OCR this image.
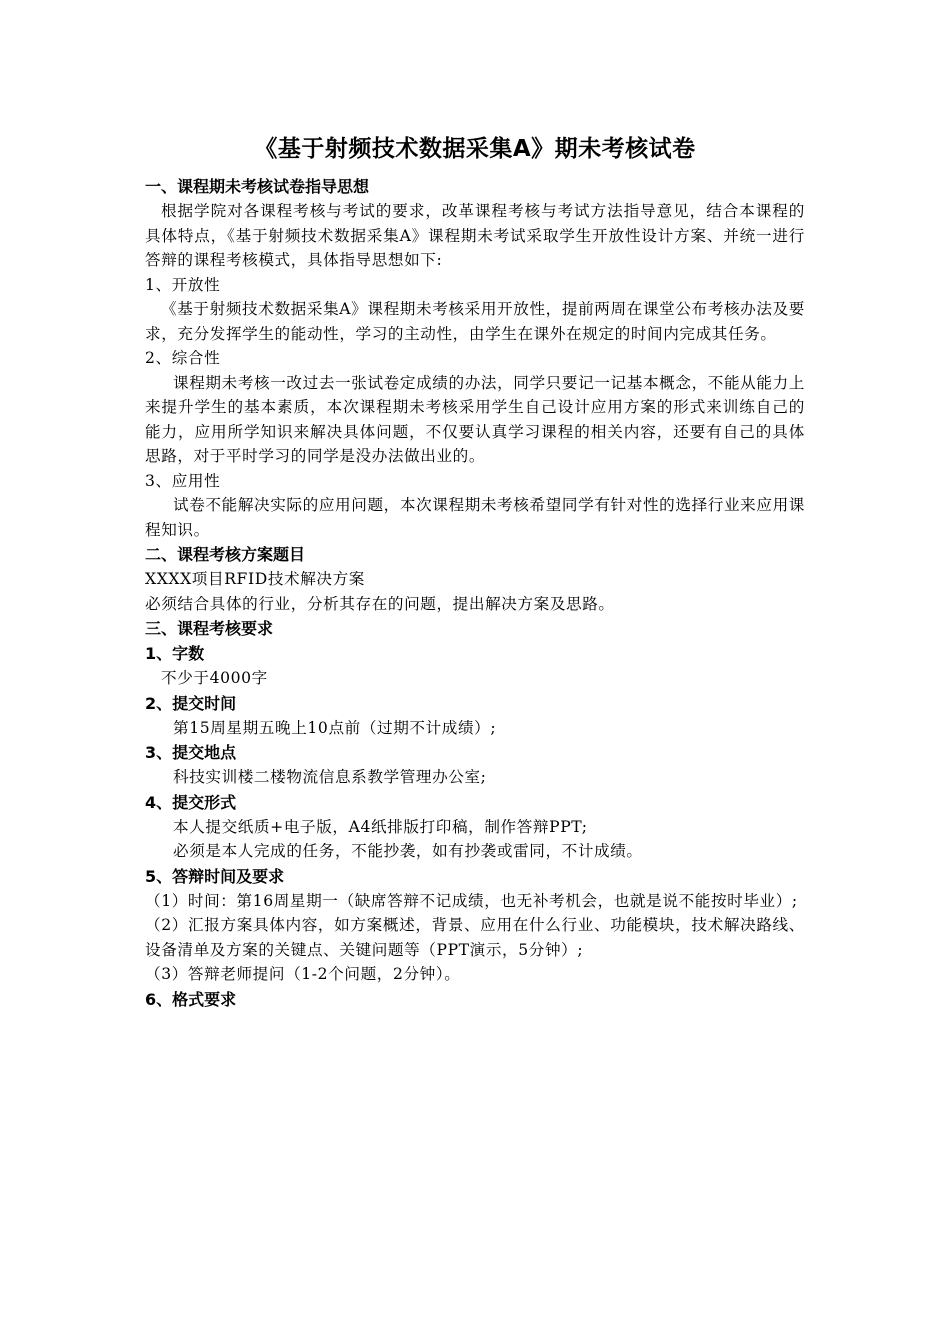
《基于射频技术数据采集A》期未考核试卷
一、课程期未考核试卷指导思想
根据学院对各课程考核与考试的要求，改革课程考核与考试方法指导意见，结合本课程的具体特点，《基于射频技术数据采集A》课程期未考试采取学生开放性设计方案、并统一进行答辩的课程考核模式，具体指导思想如下:
1、开放性
《基于射频技术数据采集A》课程期未考核采用开放性，提前两周在课堂公布考核办法及要求，充分发挥学生的能动性，学习的主动性，由学生在课外在规定的时间内完成其任务。
2、综合性
课程期未考核一改过去一张试卷定成绩的办法，同学只要记一记基本概念，不能从能力上来提升学生的基本素质，本次课程期未考核采用学生自己设计应用方案的形式来训练自己的能力，应用所学知识来解决具体问题，不仅要认真学习课程的相关内容，还要有自己的具体思路，对于平时学习的同学是没办法做出业的。
3、应用性
试卷不能解决实际的应用问题，本次课程期未考核希望同学有针对性的选择行业来应用课程知识。
二、课程考核方案题目
XXXX项目RFID技术解决方案
必须结合具体的行业，分析其存在的问题，提出解决方案及思路。
三、课程考核要求
1、字数
不少于4000字
2、提交时间
第15周星期五晚上10点前（过期不计成绩）;
3、提交地点
科技实训楼二楼物流信息系教学管理办公室;
4、提交形式
本人提交纸质+电子版，A4纸排版打印稿，制作答辩PPT;
必须是本人完成的任务，不能抄袭，如有抄袭或雷同，不计成绩。
5、答辩时间及要求
（1）时间：第16周星期一（缺席答辩不记成绩，也无补考机会，也就是说不能按时毕业）;
（2）汇报方案具体内容，如方案概述，背景、应用在什么行业、功能模块，技术解决路线、设备清单及方案的关键点、关键问题等（PPT演示，5分钟）;
（3）答辩老师提问（1-2个问题，2分钟）。
6、格式要求
